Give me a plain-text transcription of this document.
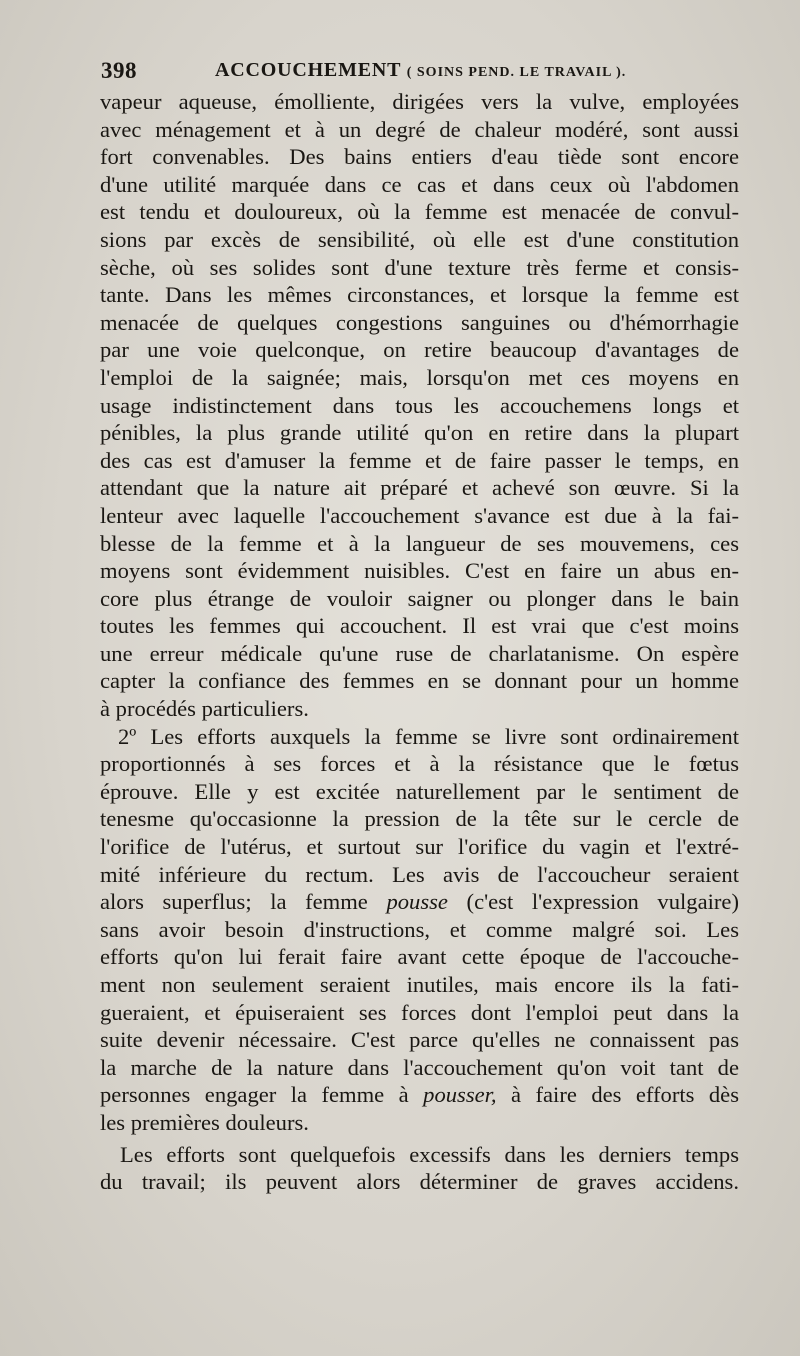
398	ACCOUCHEMENT ( SOINS PEND. LE TRAVAIL ).
vapeur aqueuse, émolliente, dirigées vers la vulve, employées
avec ménagement et à un degré de chaleur modéré, sont aussi
fort convenables. Des bains entiers d'eau tiède sont encore
d'une utilité marquée dans ce cas et dans ceux où l'abdomen
est tendu et douloureux, où la femme est menacée de convul-
sions par excès de sensibilité, où elle est d'une constitution
sèche, où ses solides sont d'une texture très ferme et consis-
tante. Dans les mêmes circonstances, et lorsque la femme est
menacée de quelques congestions sanguines ou d'hémorrhagie
par une voie quelconque, on retire beaucoup d'avantages de
l'emploi de la saignée; mais, lorsqu'on met ces moyens en
usage indistinctement dans tous les accouchemens longs et
pénibles, la plus grande utilité qu'on en retire dans la plupart
des cas est d'amuser la femme et de faire passer le temps, en
attendant que la nature ait préparé et achevé son œuvre. Si la
lenteur avec laquelle l'accouchement s'avance est due à la fai-
blesse de la femme et à la langueur de ses mouvemens, ces
moyens sont évidemment nuisibles. C'est en faire un abus en-
core plus étrange de vouloir saigner ou plonger dans le bain
toutes les femmes qui accouchent. Il est vrai que c'est moins
une erreur médicale qu'une ruse de charlatanisme. On espère
capter la confiance des femmes en se donnant pour un homme
à procédés particuliers.
2º Les efforts auxquels la femme se livre sont ordinairement
proportionnés à ses forces et à la résistance que le fœtus
éprouve. Elle y est excitée naturellement par le sentiment de
tenesme qu'occasionne la pression de la tête sur le cercle de
l'orifice de l'utérus, et surtout sur l'orifice du vagin et l'extré-
mité inférieure du rectum. Les avis de l'accoucheur seraient
alors superflus; la femme pousse (c'est l'expression vulgaire)
sans avoir besoin d'instructions, et comme malgré soi. Les
efforts qu'on lui ferait faire avant cette époque de l'accouche-
ment non seulement seraient inutiles, mais encore ils la fati-
gueraient, et épuiseraient ses forces dont l'emploi peut dans la
suite devenir nécessaire. C'est parce qu'elles ne connaissent pas
la marche de la nature dans l'accouchement qu'on voit tant de
personnes engager la femme à pousser, à faire des efforts dès
les premières douleurs.
Les efforts sont quelquefois excessifs dans les derniers temps
du travail; ils peuvent alors déterminer de graves accidens.
